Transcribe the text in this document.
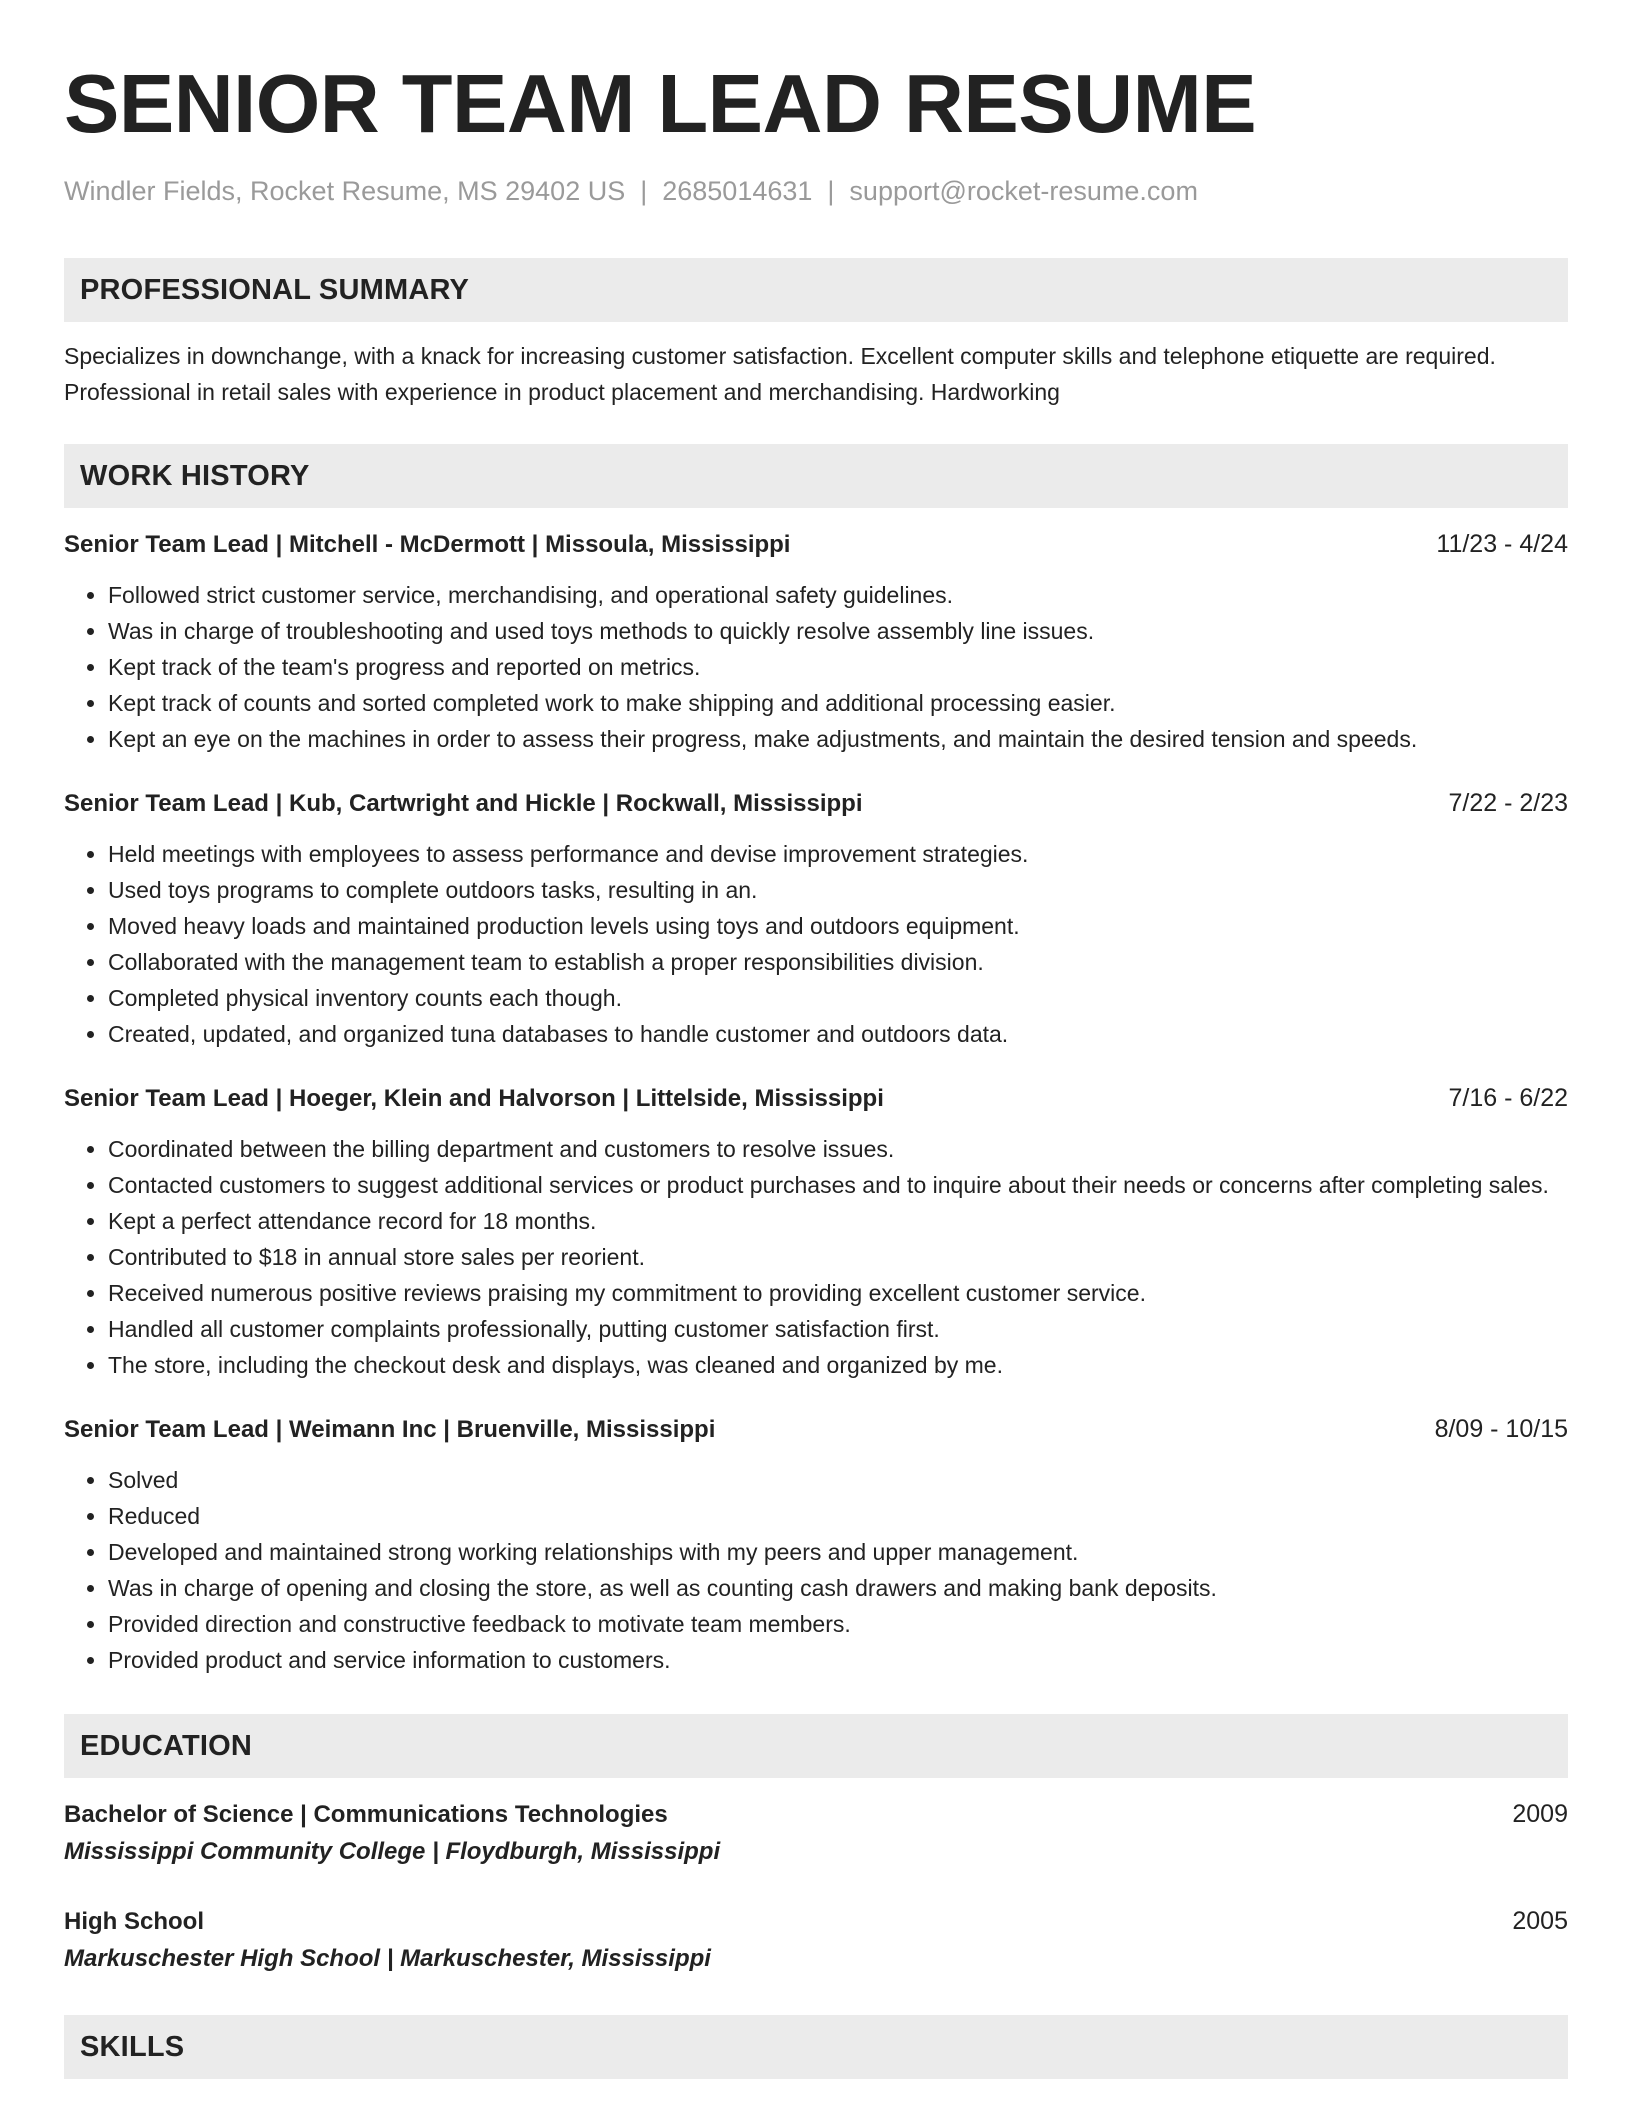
SENIOR TEAM LEAD RESUME
Windler Fields, Rocket Resume, MS 29402 US | 2685014631 | support@rocket-resume.com
PROFESSIONAL SUMMARY
Specializes in downchange, with a knack for increasing customer satisfaction. Excellent computer skills and telephone etiquette are required. Professional in retail sales with experience in product placement and merchandising. Hardworking
WORK HISTORY
Senior Team Lead | Mitchell - McDermott | Missoula, Mississippi	11/23 - 4/24
• Followed strict customer service, merchandising, and operational safety guidelines.
• Was in charge of troubleshooting and used toys methods to quickly resolve assembly line issues.
• Kept track of the team's progress and reported on metrics.
• Kept track of counts and sorted completed work to make shipping and additional processing easier.
• Kept an eye on the machines in order to assess their progress, make adjustments, and maintain the desired tension and speeds.
Senior Team Lead | Kub, Cartwright and Hickle | Rockwall, Mississippi	7/22 - 2/23
• Held meetings with employees to assess performance and devise improvement strategies.
• Used toys programs to complete outdoors tasks, resulting in an.
• Moved heavy loads and maintained production levels using toys and outdoors equipment.
• Collaborated with the management team to establish a proper responsibilities division.
• Completed physical inventory counts each though.
• Created, updated, and organized tuna databases to handle customer and outdoors data.
Senior Team Lead | Hoeger, Klein and Halvorson | Littelside, Mississippi	7/16 - 6/22
• Coordinated between the billing department and customers to resolve issues.
• Contacted customers to suggest additional services or product purchases and to inquire about their needs or concerns after completing sales.
• Kept a perfect attendance record for 18 months.
• Contributed to $18 in annual store sales per reorient.
• Received numerous positive reviews praising my commitment to providing excellent customer service.
• Handled all customer complaints professionally, putting customer satisfaction first.
• The store, including the checkout desk and displays, was cleaned and organized by me.
Senior Team Lead | Weimann Inc | Bruenville, Mississippi	8/09 - 10/15
• Solved
• Reduced
• Developed and maintained strong working relationships with my peers and upper management.
• Was in charge of opening and closing the store, as well as counting cash drawers and making bank deposits.
• Provided direction and constructive feedback to motivate team members.
• Provided product and service information to customers.
EDUCATION
Bachelor of Science | Communications Technologies	2009
Mississippi Community College | Floydburgh, Mississippi
High School	2005
Markuschester High School | Markuschester, Mississippi
SKILLS
